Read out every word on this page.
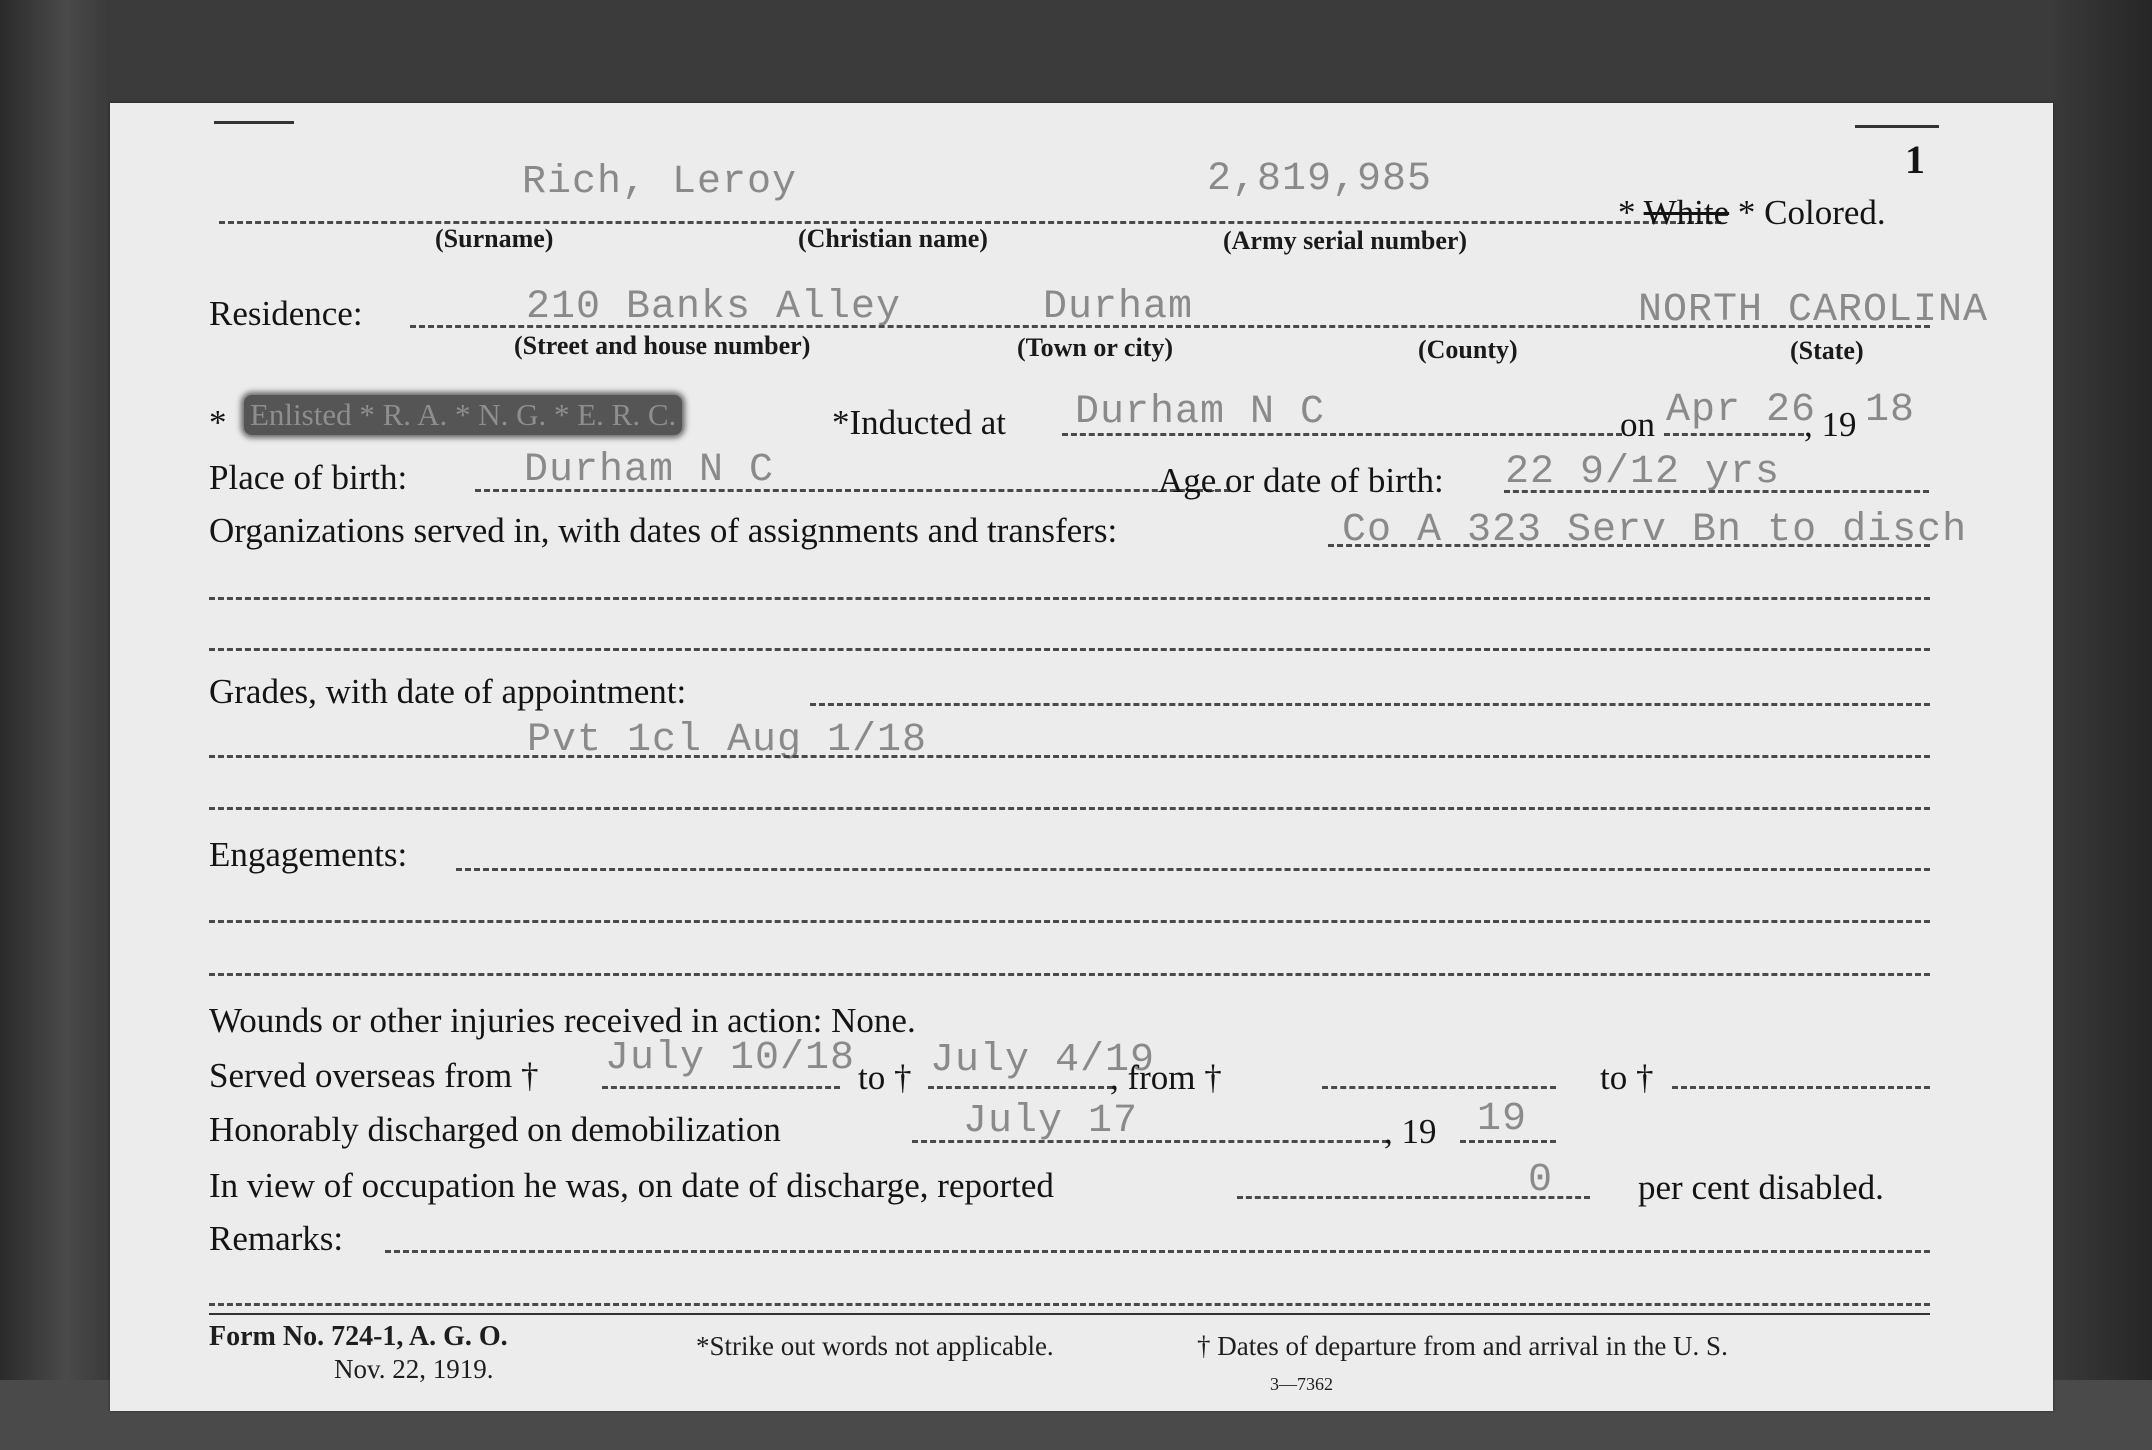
1
Rich, Leroy	2,819,985
* White * Colored.
(Surname)	(Christian name)	(Army serial number)
Residence:	210 Banks Alley	Durham	NORTH CAROLINA
(Street and house number)	(Town or city)	(County)	(State)
* Enlisted * R. A. * N. G. * E. R. C.	*Inducted at Durham N C	on Apr 26
, 19 18
Place of birth:	Durham N C	Age or date of birth: 22 9/12 yrs
Organizations served in, with dates of assignments and transfers:	Co A 323 Serv Bn to disch
Grades, with date of appointment:
Pvt 1cl Aug 1/18
Engagements:
Wounds or other injuries received in action: None.
Served overseas from † July 10/18 to † July 4/19
, from †	to †
Honorably discharged on demobilization	July 17	, 19 19
In view of occupation he was, on date of discharge, reported	0 per cent disabled.
Remarks:
Form No. 724-1, A. G. O.
Nov. 22, 1919.
*Strike out words not applicable.	† Dates of departure from and arrival in the U. S.
3—7362
